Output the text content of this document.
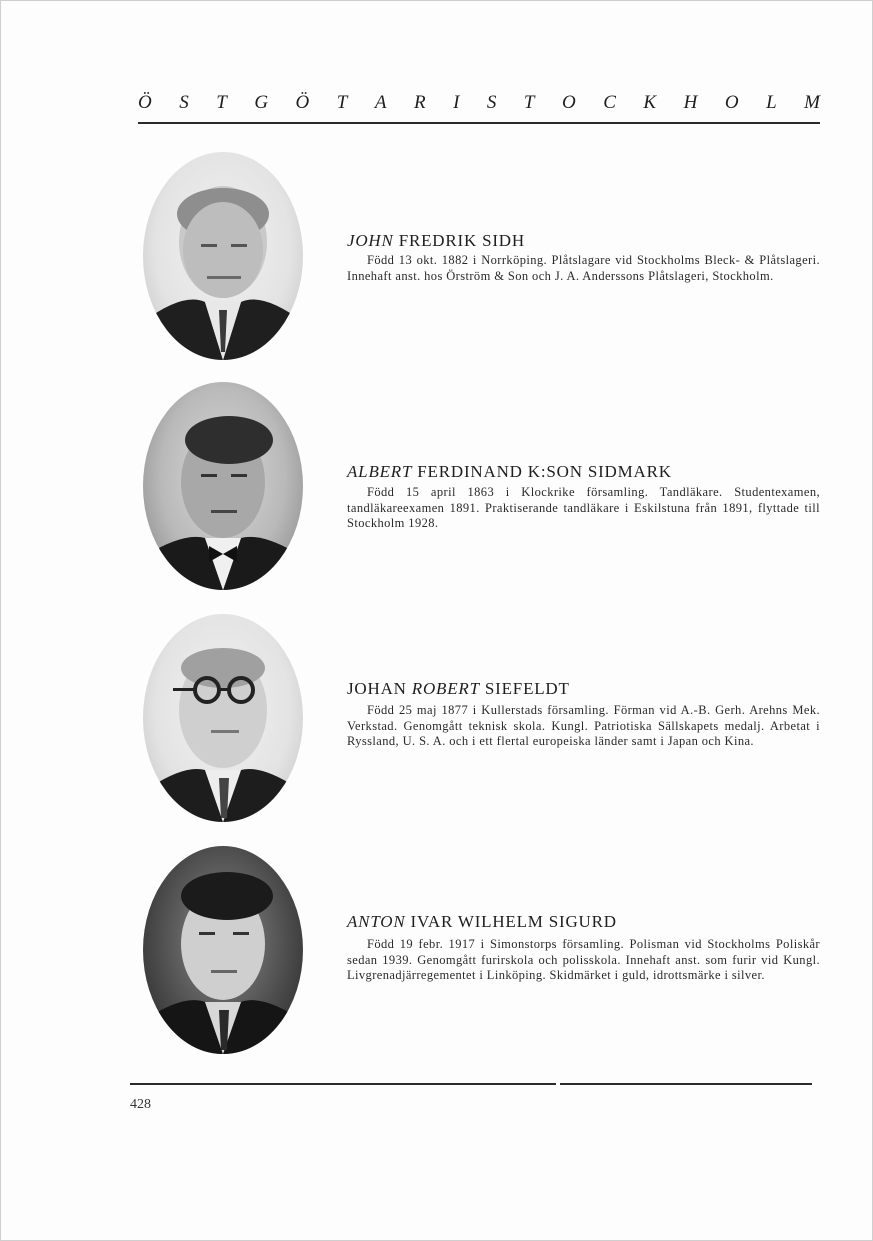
Ö S T G Ö T A R I S T O C K H O L M
JOHN FREDRIK SIDH
Född 13 okt. 1882 i Norrköping. Plåtslagare vid Stockholms Bleck- & Plåtslageri. Innehaft anst. hos Örström & Son och J. A. Anderssons Plåtslageri, Stockholm.
ALBERT FERDINAND K:SON SIDMARK
Född 15 april 1863 i Klockrike församling. Tandläkare. Studentexamen, tandläkareexamen 1891. Praktiserande tandläkare i Eskilstuna från 1891, flyttade till Stockholm 1928.
JOHAN ROBERT SIEFELDT
Född 25 maj 1877 i Kullerstads församling. Förman vid A.-B. Gerh. Arehns Mek. Verkstad. Genomgått teknisk skola. Kungl. Patriotiska Sällskapets medalj. Arbetat i Ryssland, U. S. A. och i ett flertal europeiska länder samt i Japan och Kina.
ANTON IVAR WILHELM SIGURD
Född 19 febr. 1917 i Simonstorps församling. Polisman vid Stockholms Poliskår sedan 1939. Genomgått furirskola och polisskola. Innehaft anst. som furir vid Kungl. Livgrenadjärregementet i Linköping. Skidmärket i guld, idrottsmärke i silver.
428
